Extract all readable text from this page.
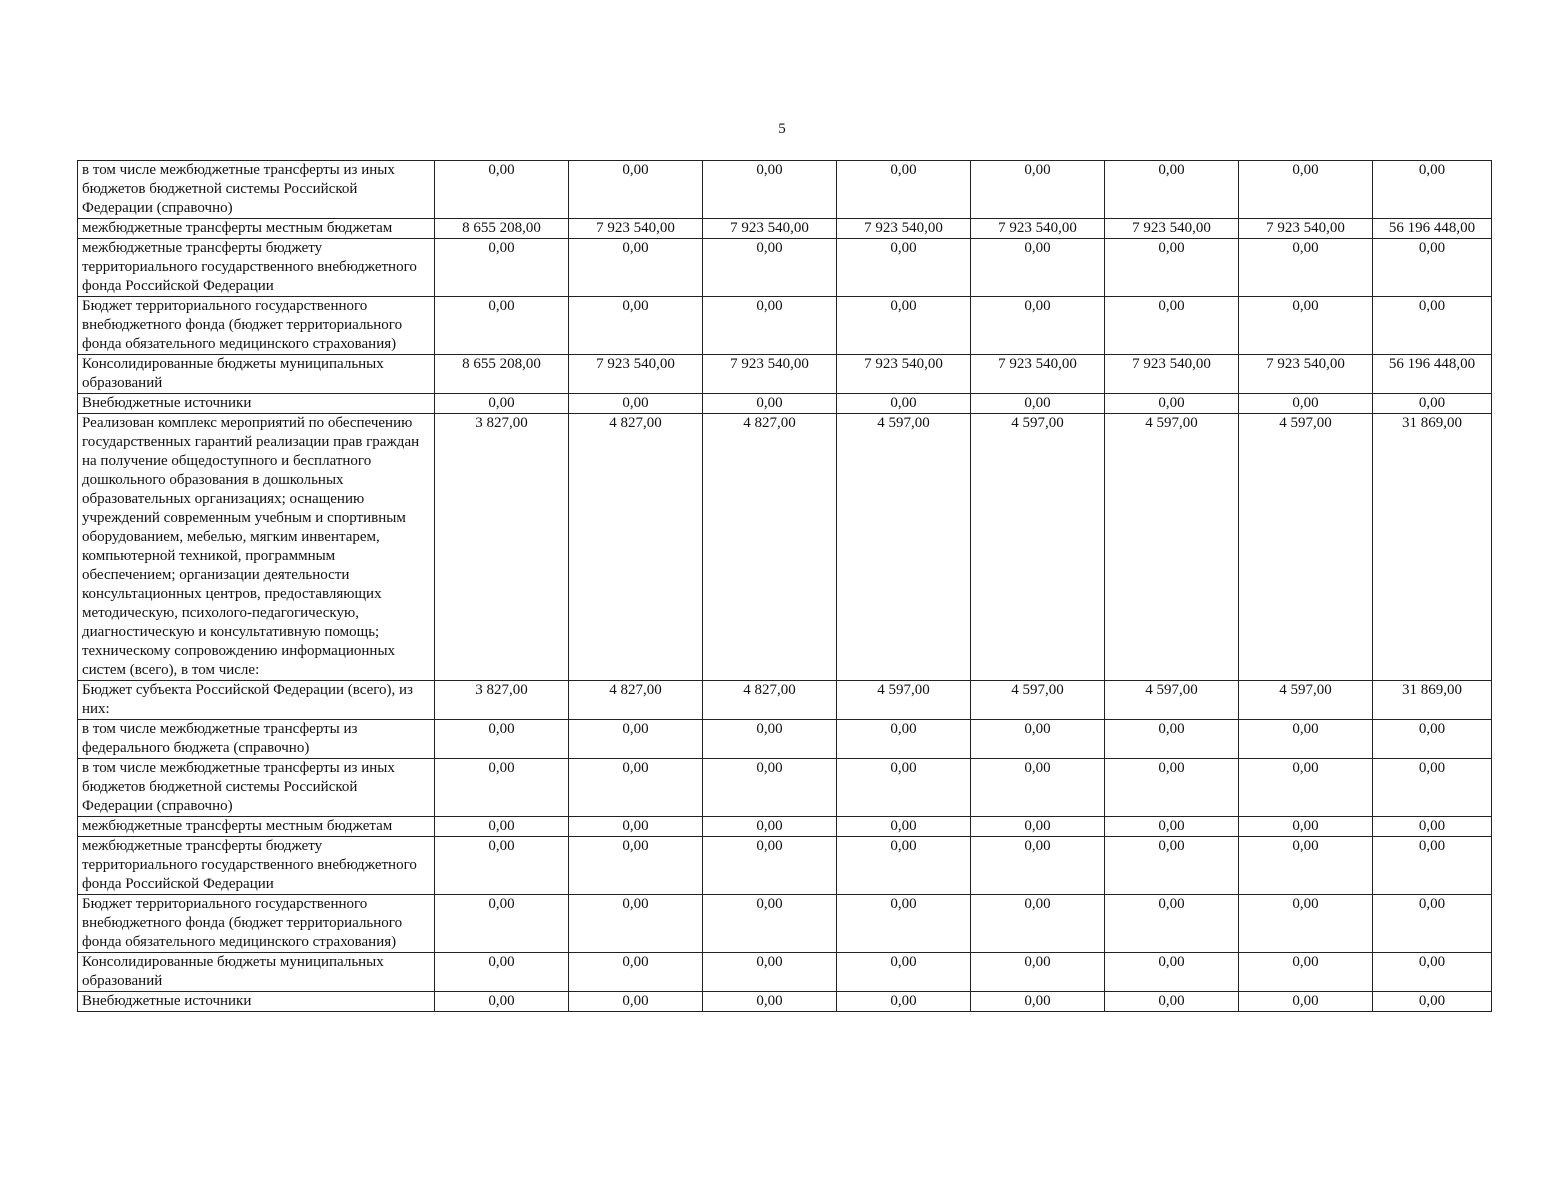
5
в том числе межбюджетные трансферты из иных бюджетов бюджетной системы Российской Федерации (справочно)	0,00	0,00	0,00	0,00	0,00	0,00	0,00	0,00
межбюджетные трансферты местным бюджетам	8 655 208,00	7 923 540,00	7 923 540,00	7 923 540,00	7 923 540,00	7 923 540,00	7 923 540,00	56 196 448,00
межбюджетные трансферты бюджету территориального государственного внебюджетного фонда Российской Федерации	0,00	0,00	0,00	0,00	0,00	0,00	0,00	0,00
Бюджет территориального государственного внебюджетного фонда (бюджет территориального фонда обязательного медицинского страхования)	0,00	0,00	0,00	0,00	0,00	0,00	0,00	0,00
Консолидированные бюджеты муниципальных образований	8 655 208,00	7 923 540,00	7 923 540,00	7 923 540,00	7 923 540,00	7 923 540,00	7 923 540,00	56 196 448,00
Внебюджетные источники	0,00	0,00	0,00	0,00	0,00	0,00	0,00	0,00
Реализован комплекс мероприятий по обеспечению государственных гарантий реализации прав граждан на получение общедоступного и бесплатного дошкольного образования в дошкольных образовательных организациях; оснащению учреждений современным учебным и спортивным оборудованием, мебелью, мягким инвентарем, компьютерной техникой, программным обеспечением; организации деятельности консультационных центров, предоставляющих методическую, психолого-педагогическую, диагностическую и консультативную помощь; техническому сопровождению информационных систем (всего), в том числе:	3 827,00	4 827,00	4 827,00	4 597,00	4 597,00	4 597,00	4 597,00	31 869,00
Бюджет субъекта Российской Федерации (всего), из них:	3 827,00	4 827,00	4 827,00	4 597,00	4 597,00	4 597,00	4 597,00	31 869,00
в том числе межбюджетные трансферты из федерального бюджета (справочно)	0,00	0,00	0,00	0,00	0,00	0,00	0,00	0,00
в том числе межбюджетные трансферты из иных бюджетов бюджетной системы Российской Федерации (справочно)	0,00	0,00	0,00	0,00	0,00	0,00	0,00	0,00
межбюджетные трансферты местным бюджетам	0,00	0,00	0,00	0,00	0,00	0,00	0,00	0,00
межбюджетные трансферты бюджету территориального государственного внебюджетного фонда Российской Федерации	0,00	0,00	0,00	0,00	0,00	0,00	0,00	0,00
Бюджет территориального государственного внебюджетного фонда (бюджет территориального фонда обязательного медицинского страхования)	0,00	0,00	0,00	0,00	0,00	0,00	0,00	0,00
Консолидированные бюджеты муниципальных образований	0,00	0,00	0,00	0,00	0,00	0,00	0,00	0,00
Внебюджетные источники	0,00	0,00	0,00	0,00	0,00	0,00	0,00	0,00
